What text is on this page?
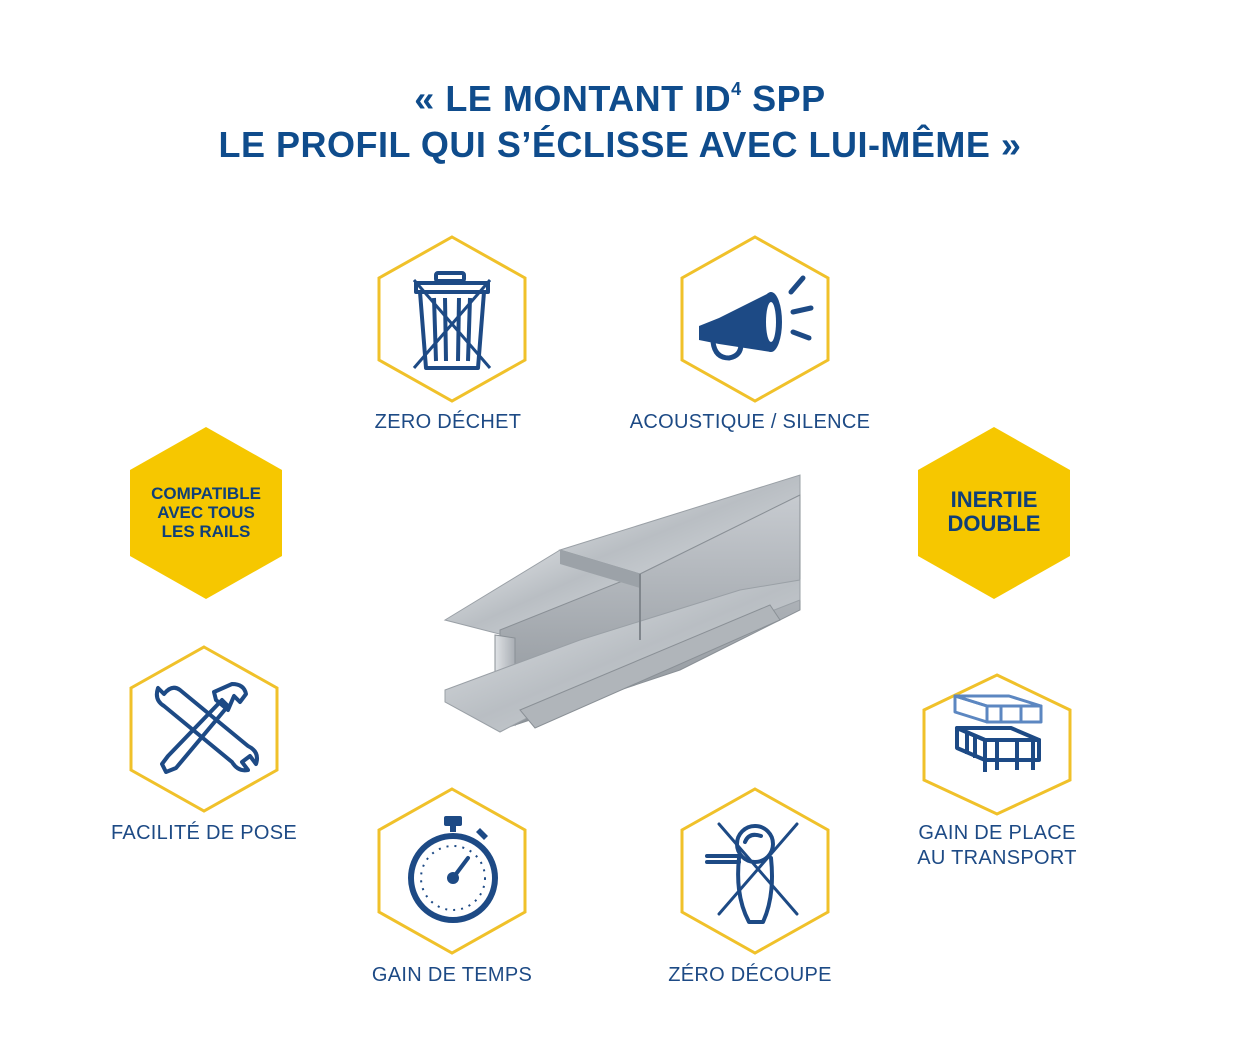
« LE MONTANT $ID^4$ SPP
LE PROFIL QUI S’ÉCLISSE AVEC LUI-MÊME »
ZERO DÉCHET	ACOUSTIQUE / SILENCE
COMPATIBLE
AVEC TOUS
LES RAILS
INERTIE
DOUBLE
FACILITÉ DE POSE	GAIN DE PLACE
AU TRANSPORT
GAIN DE TEMPS	ZÉRO DÉCOUPE
